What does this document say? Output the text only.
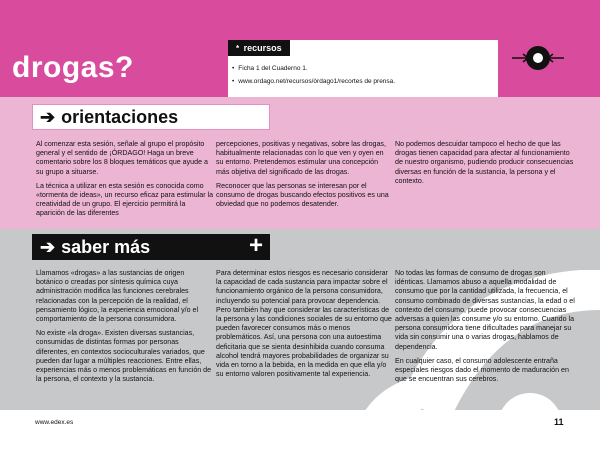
drogas?
* recursos
• Ficha 1 del Cuaderno 1.
• www.ordago.net/recursos/órdago1/recortes de prensa.
➔ orientaciones

Al comenzar esta sesión, señale al grupo el propósito general y el sentido de ¡ÓRDAGO! Haga un breve comentario sobre los 8 bloques temáticos que ayude a su grupo a situarse.

La técnica a utilizar en esta sesión es conocida como «tormenta de ideas», un recurso eficaz para estimular la creatividad de un grupo. El ejercicio permitirá la aparición de las diferentes

percepciones, positivas y negativas, sobre las drogas, habitualmente relacionadas con lo que ven y oyen en su entorno. Pretendemos estimular una concepción más objetiva del significado de las drogas.

Reconocer que las personas se interesan por el consumo de drogas buscando efectos positivos es una obviedad que no podemos desatender.

No podemos descuidar tampoco el hecho de que las drogas tienen capacidad para afectar al funcionamiento de nuestro organismo, pudiendo producir consecuencias diversas en función de la sustancia, la persona y el contexto.

➔ saber más	+

Llamamos «drogas» a las sustancias de origen botánico o creadas por síntesis química cuya administración modifica las funciones cerebrales relacionadas con la percepción de la realidad, el pensamiento lógico, la experiencia emocional y/o el comportamiento de la persona consumidora.

No existe «la droga». Existen diversas sustancias, consumidas de distintas formas por personas diferentes, en contextos socioculturales variados, que pueden dar lugar a múltiples reacciones. Entre ellas, experiencias más o menos problemáticas en función de la persona, el contexto y la sustancia.

Para determinar estos riesgos es necesario considerar la capacidad de cada sustancia para impactar sobre el funcionamiento orgánico de la persona consumidora, incluyendo su potencial para provocar dependencia. Pero también hay que considerar las características de la persona y las condiciones sociales de su entorno que pueden favorecer consumos más o menos problemáticos. Así, una persona con una autoestima deficitaria que se sienta desinhibida cuando consuma alcohol tendrá mayores probabilidades de organizar su vida en torno a la bebida, en la medida en que ella y/o su entorno valoren positivamente tal experiencia.

No todas las formas de consumo de drogas son idénticas. Llamamos abuso a aquella modalidad de consumo que por la cantidad utilizada, la frecuencia, el consumo combinado de diversas sustancias, la edad o el contexto del consumo, puede provocar consecuencias adversas a quien las consume y/o su entorno. Cuando la persona consumidora tiene dificultades para manejar su vida sin consumir una o varias drogas, hablamos de dependencia.

En cualquier caso, el consumo adolescente entraña especiales riesgos dado el momento de maduración en que se encuentran sus cerebros.

www.edex.es	11
